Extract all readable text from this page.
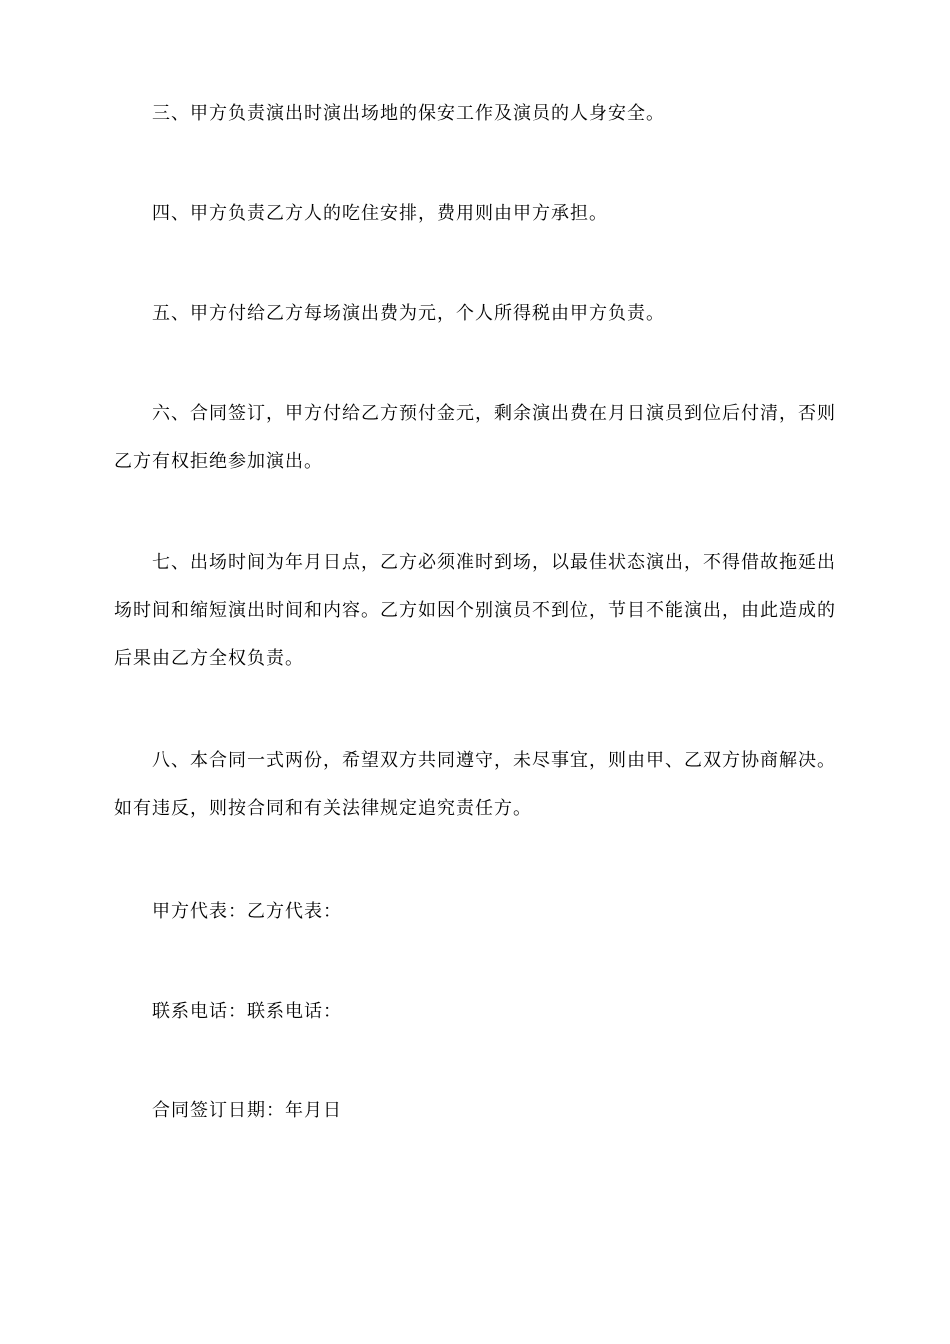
三、甲方负责演出时演出场地的保安工作及演员的人身安全。

四、甲方负责乙方人的吃住安排，费用则由甲方承担。

五、甲方付给乙方每场演出费为元，个人所得税由甲方负责。

六、合同签订，甲方付给乙方预付金元，剩余演出费在月日演员到位后付清，否则乙方有权拒绝参加演出。

七、出场时间为年月日点，乙方必须准时到场，以最佳状态演出，不得借故拖延出场时间和缩短演出时间和内容。乙方如因个别演员不到位，节目不能演出，由此造成的后果由乙方全权负责。

八、本合同一式两份，希望双方共同遵守，未尽事宜，则由甲、乙双方协商解决。如有违反，则按合同和有关法律规定追究责任方。

甲方代表：乙方代表：

联系电话：联系电话：

合同签订日期：年月日
